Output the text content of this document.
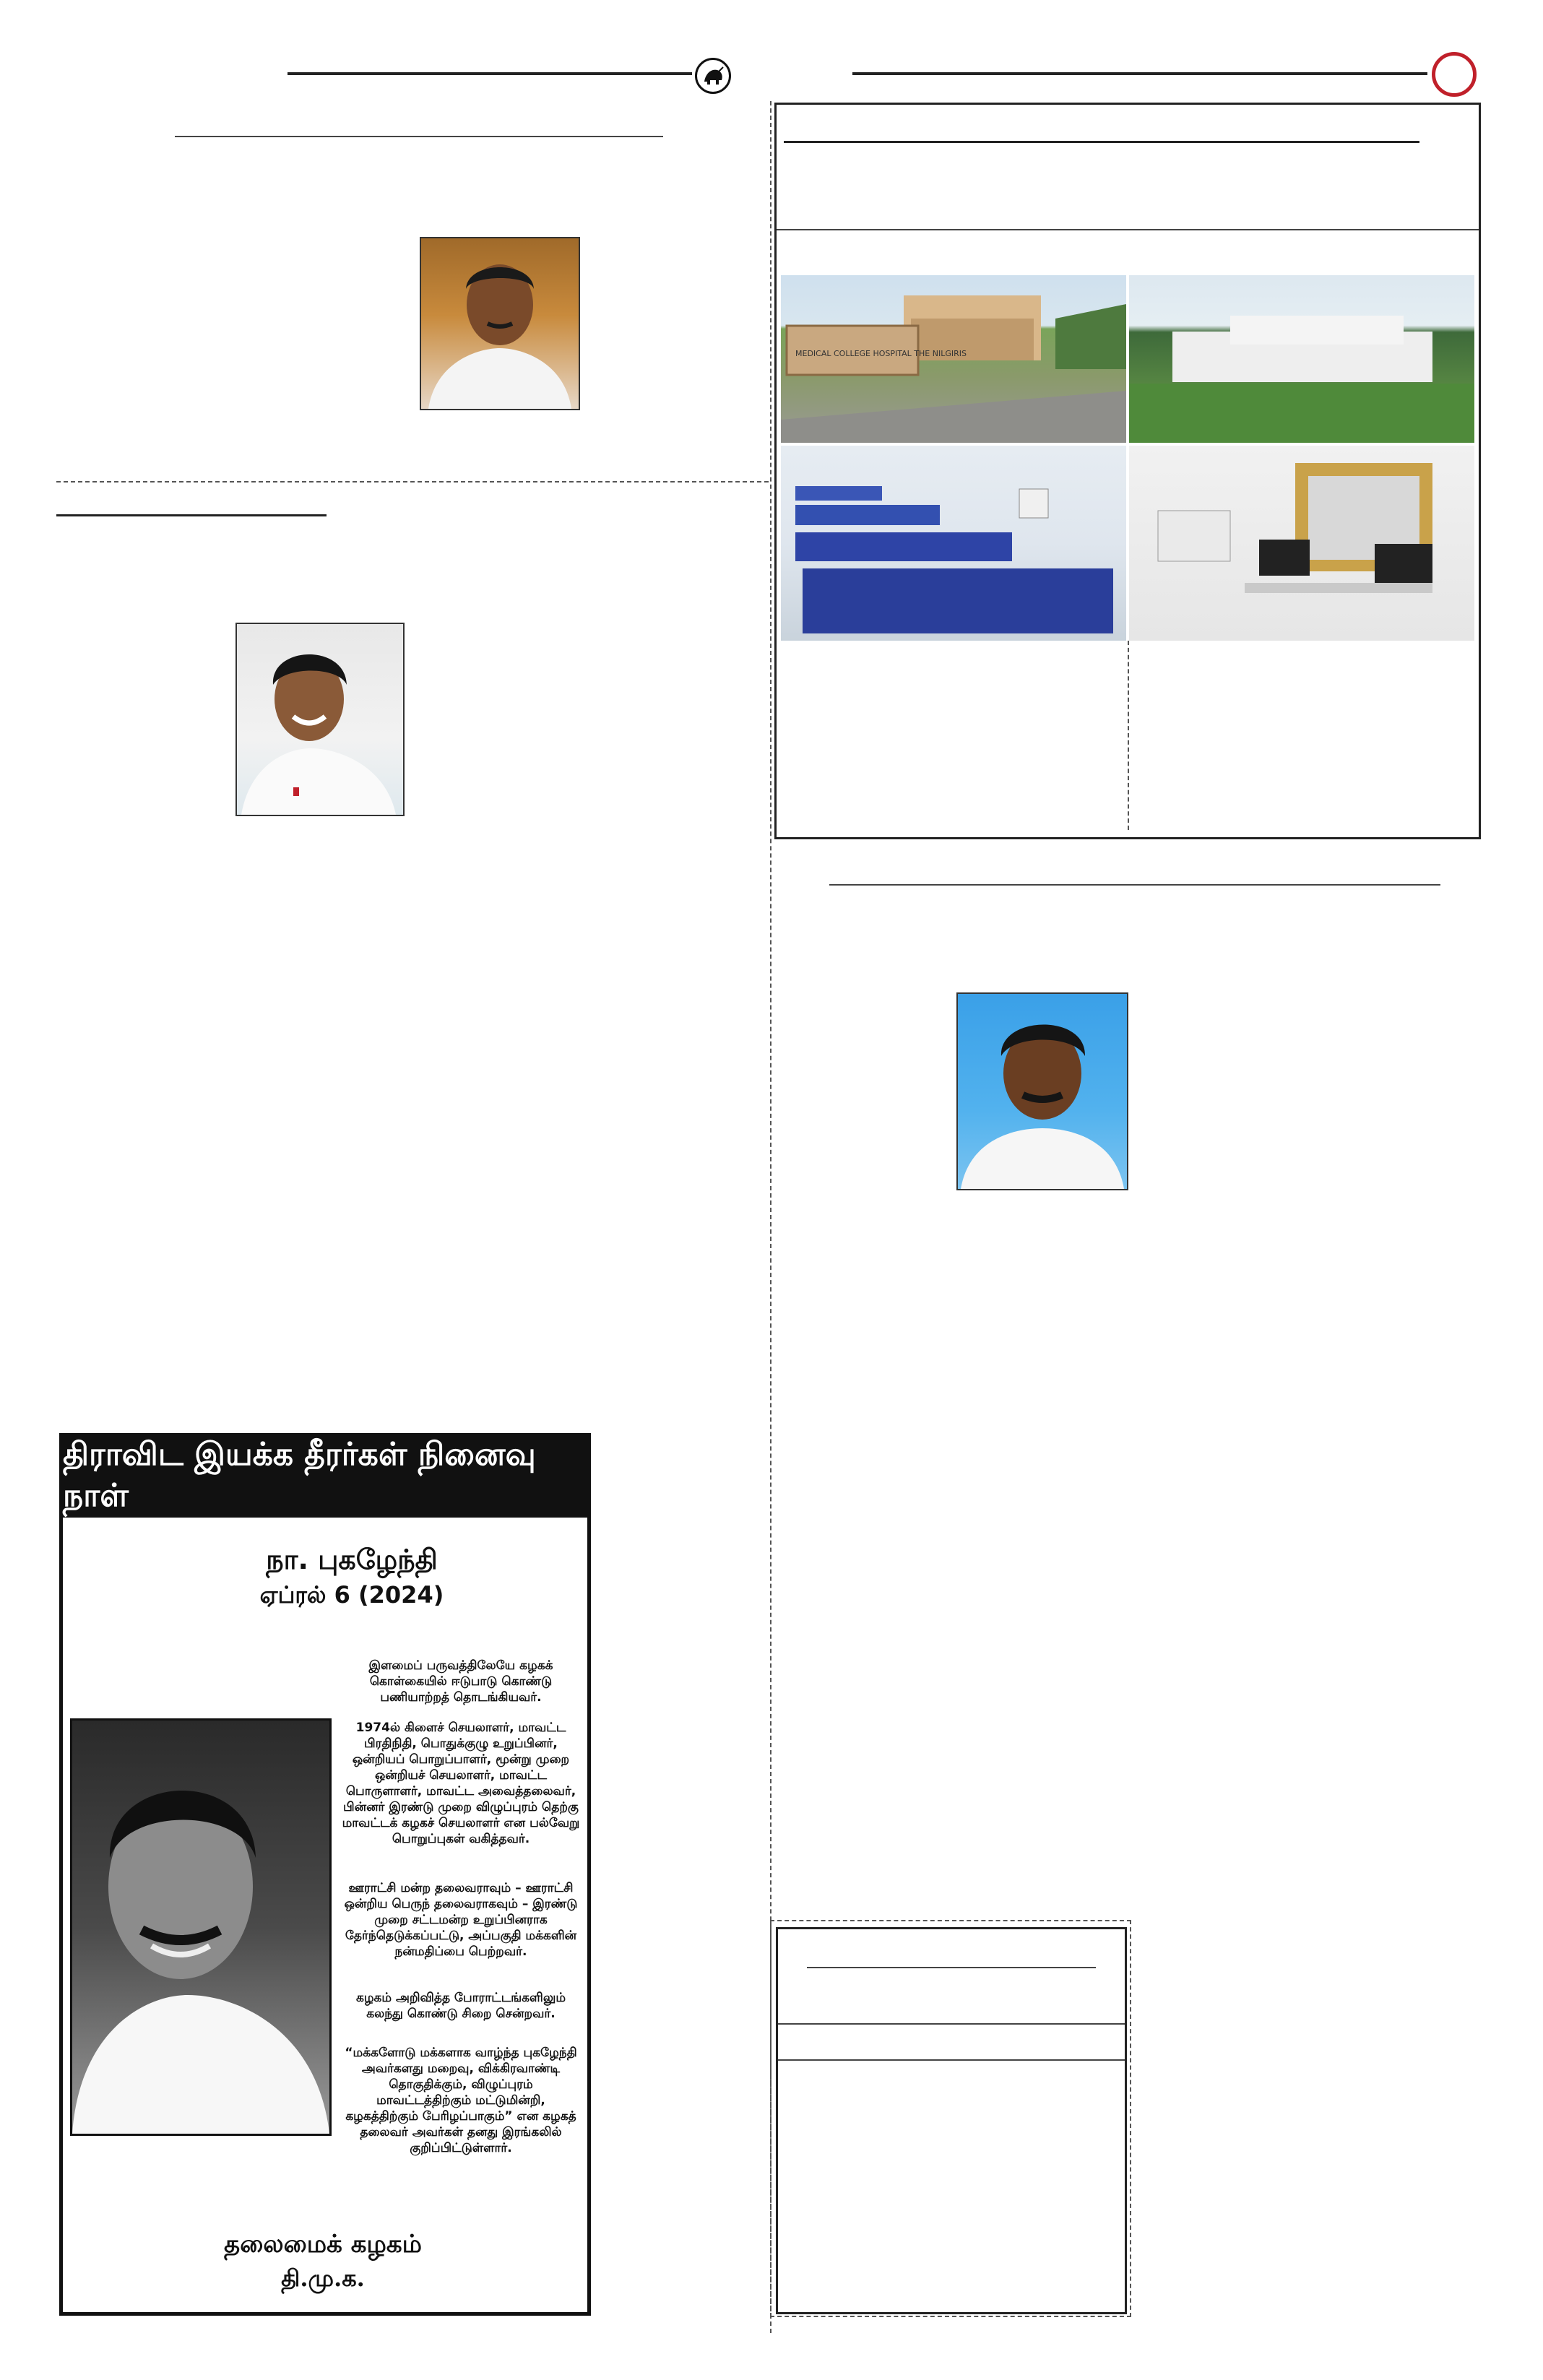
திராவிட இயக்க தீரர்கள் நினைவு நாள்
நா. புகழேந்தி
ஏப்ரல் 6 (2024)
இளமைப் பருவத்திலேயே கழகக் கொள்கையில் ஈடுபாடு கொண்டு பணியாற்றத் தொடங்கியவர்.
1974ல் கிளைச் செயலாளர், மாவட்ட பிரதிநிதி, பொதுக்குழு உறுப்பினர், ஒன்றியப் பொறுப்பாளர், மூன்று முறை ஒன்றியச் செயலாளர், மாவட்ட பொருளாளர், மாவட்ட அவைத்தலைவர், பின்னர் இரண்டு முறை விழுப்புரம் தெற்கு மாவட்டக் கழகச் செயலாளர் என பல்வேறு பொறுப்புகள் வகித்தவர்.
ஊராட்சி மன்ற தலைவராவும் – ஊராட்சி ஒன்றிய பெருந் தலைவராகவும் – இரண்டு முறை சட்டமன்ற உறுப்பினராக தேர்ந்தெடுக்கப்பட்டு, அப்பகுதி மக்களின் நன்மதிப்பை பெற்றவர்.
கழகம் அறிவித்த போராட்டங்களிலும் கலந்து கொண்டு சிறை சென்றவர்.
“மக்களோடு மக்களாக வாழ்ந்த புகழேந்தி அவர்களது மறைவு, விக்கிரவாண்டி தொகுதிக்கும், விழுப்புரம் மாவட்டத்திற்கும் மட்டுமின்றி, கழகத்திற்கும் பேரிழப்பாகும்” என கழகத் தலைவர் அவர்கள் தனது இரங்கலில் குறிப்பிட்டுள்ளார்.
தலைமைக் கழகம்
தி.மு.க.
MEDICAL COLLEGE HOSPITAL THE NILGIRIS
